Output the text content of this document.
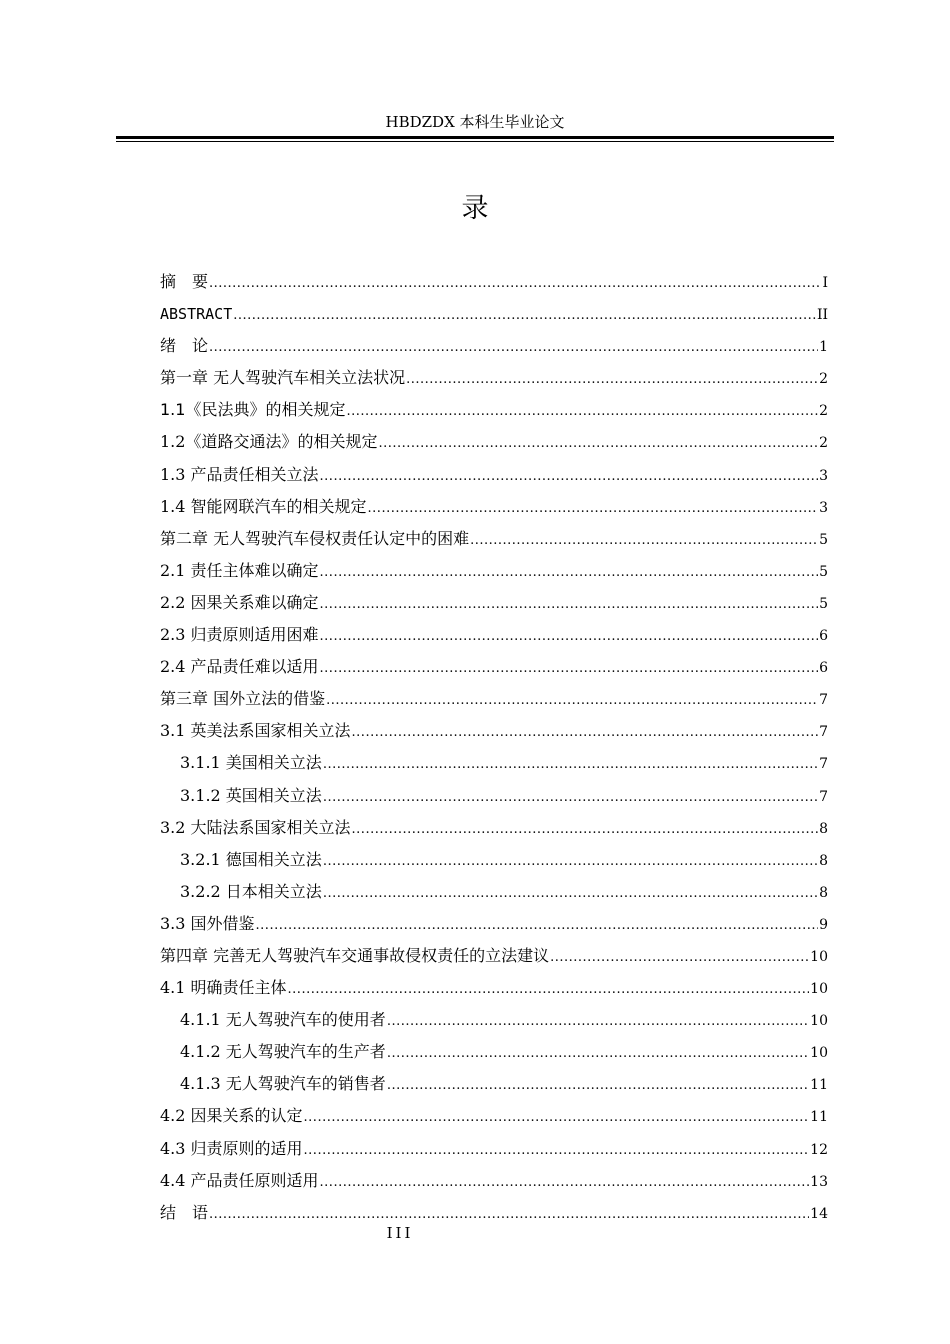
HBDZDX 本科生毕业论文
录
摘　要 .....	I
ABSTRACT .....	II
绪　论 .....	1
第一章 无人驾驶汽车相关立法状况 .....	2
1.1《民法典》的相关规定 .....	2
1.2《道路交通法》的相关规定 .....	2
1.3 产品责任相关立法 .....	3
1.4 智能网联汽车的相关规定 .....	3
第二章 无人驾驶汽车侵权责任认定中的困难 .....	5
2.1 责任主体难以确定 .....	5
2.2 因果关系难以确定 .....	5
2.3 归责原则适用困难 .....	6
2.4 产品责任难以适用 .....	6
第三章 国外立法的借鉴 .....	7
3.1 英美法系国家相关立法 .....	7
3.1.1 美国相关立法 .....	7
3.1.2 英国相关立法 .....	7
3.2 大陆法系国家相关立法 .....	8
3.2.1 德国相关立法 .....	8
3.2.2 日本相关立法 .....	8
3.3 国外借鉴 .....	9
第四章 完善无人驾驶汽车交通事故侵权责任的立法建议 .....	10
4.1 明确责任主体 .....	10
4.1.1 无人驾驶汽车的使用者 .....	10
4.1.2 无人驾驶汽车的生产者 .....	10
4.1.3 无人驾驶汽车的销售者 .....	11
4.2 因果关系的认定 .....	11
4.3 归责原则的适用 .....	12
4.4 产品责任原则适用 .....	13
结　语 .....	14
III
